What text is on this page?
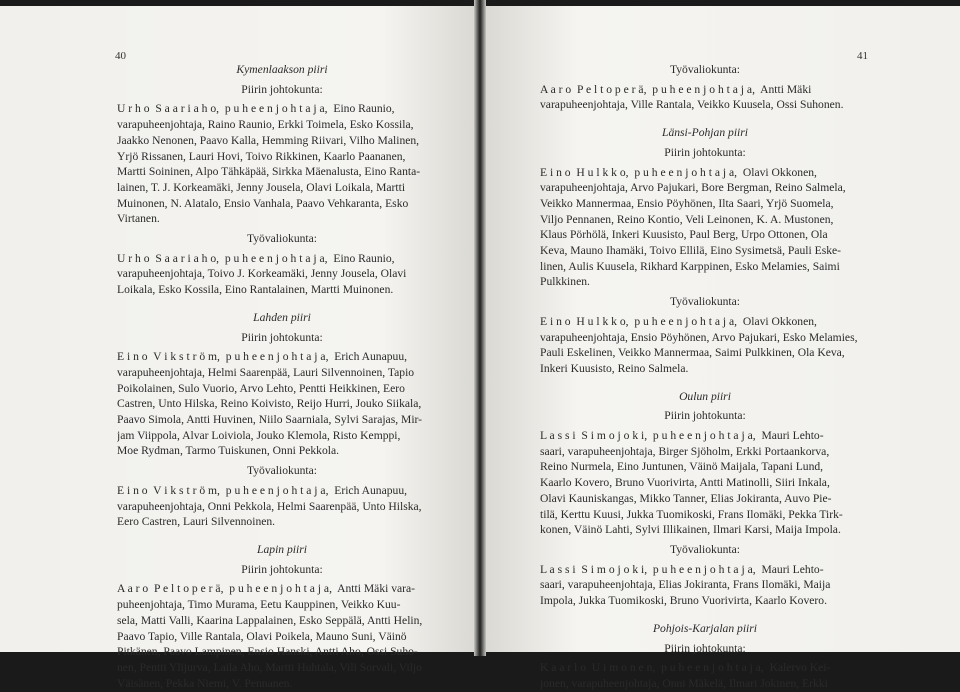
40

Kymenlaakson piiri

Piirin johtokunta:

U r h o  S a a r i a h o,  p u h e e n j o h t a j a,  Eino Raunio,
varapuheenjohtaja, Raino Raunio, Erkki Toimela, Esko Kossila,
Jaakko Nenonen, Paavo Kalla, Hemming Riivari, Vilho Malinen,
Yrjö Rissanen, Lauri Hovi, Toivo Rikkinen, Kaarlo Paananen,
Martti Soininen, Alpo Tähkäpää, Sirkka Mäenalusta, Eino Ranta-
lainen, T. J. Korkeamäki, Jenny Jousela, Olavi Loikala, Martti
Muinonen, N. Alatalo, Ensio Vanhala, Paavo Vehkaranta, Esko
Virtanen.

Työvaliokunta:

U r h o  S a a r i a h o,  p u h e e n j o h t a j a,  Eino Raunio,
varapuheenjohtaja, Toivo J. Korkeamäki, Jenny Jousela, Olavi
Loikala, Esko Kossila, Eino Rantalainen, Martti Muinonen.

Lahden piiri

Piirin johtokunta:

E i n o  V i k s t r ö m,  p u h e e n j o h t a j a,  Erich Aunapuu,
varapuheenjohtaja, Helmi Saarenpää, Lauri Silvennoinen, Tapio
Poikolainen, Sulo Vuorio, Arvo Lehto, Pentti Heikkinen, Eero
Castren, Unto Hilska, Reino Koivisto, Reijo Hurri, Jouko Siikala,
Paavo Simola, Antti Huvinen, Niilo Saarniala, Sylvi Sarajas, Mir-
jam Viippola, Alvar Loiviola, Jouko Klemola, Risto Kemppi,
Moe Rydman, Tarmo Tuiskunen, Onni Pekkola.

Työvaliokunta:

E i n o  V i k s t r ö m,  p u h e e n j o h t a j a,  Erich Aunapuu,
varapuheenjohtaja, Onni Pekkola, Helmi Saarenpää, Unto Hilska,
Eero Castren, Lauri Silvennoinen.

Lapin piiri

Piirin johtokunta:

A a r o  P e l t o p e r ä,  p u h e e n j o h t a j a,  Antti Mäki vara-
puheenjohtaja, Timo Murama, Eetu Kauppinen, Veikko Kuu-
sela, Matti Valli, Kaarina Lappalainen, Esko Seppälä, Antti Helin,
Paavo Tapio, Ville Rantala, Olavi Poikela, Mauno Suni, Väinö
Pitkänen, Paavo Lampinen, Ensio Hanski, Antti Aho, Ossi Suho-
nen, Pentti Ylijurva, Laila Aho, Martti Huhtala, Vili Sorvali, Viljo
Väisänen, Pekka Niemi, V. Pennanen.
41

Työvaliokunta:

A a r o  P e l t o p e r ä,  p u h e e n j o h t a j a,  Antti Mäki
varapuheenjohtaja, Ville Rantala, Veikko Kuusela, Ossi Suhonen.

Länsi-Pohjan piiri

Piirin johtokunta:

E i n o  H u l k k o,  p u h e e n j o h t a j a,  Olavi Okkonen,
varapuheenjohtaja, Arvo Pajukari, Bore Bergman, Reino Salmela,
Veikko Mannermaa, Ensio Pöyhönen, Ilta Saari, Yrjö Suomela,
Viljo Pennanen, Reino Kontio, Veli Leinonen, K. A. Mustonen,
Klaus Pörhölä, Inkeri Kuusisto, Paul Berg, Urpo Ottonen, Ola
Keva, Mauno Ihamäki, Toivo Ellilä, Eino Sysimetsä, Pauli Eske-
linen, Aulis Kuusela, Rikhard Karppinen, Esko Melamies, Saimi
Pulkkinen.

Työvaliokunta:

E i n o  H u l k k o,  p u h e e n j o h t a j a,  Olavi Okkonen,
varapuheenjohtaja, Ensio Pöyhönen, Arvo Pajukari, Esko Melamies,
Pauli Eskelinen, Veikko Mannermaa, Saimi Pulkkinen, Ola Keva,
Inkeri Kuusisto, Reino Salmela.

Oulun piiri

Piirin johtokunta:

L a s s i  S i m o j o k i,  p u h e e n j o h t a j a,  Mauri Lehto-
saari, varapuheenjohtaja, Birger Sjöholm, Erkki Portaankorva,
Reino Nurmela, Eino Juntunen, Väinö Maijala, Tapani Lund,
Kaarlo Kovero, Bruno Vuorivirta, Antti Matinolli, Siiri Inkala,
Olavi Kauniskangas, Mikko Tanner, Elias Jokiranta, Auvo Pie-
tilä, Kerttu Kuusi, Jukka Tuomikoski, Frans Ilomäki, Pekka Tirk-
konen, Väinö Lahti, Sylvi Illikainen, Ilmari Karsi, Maija Impola.

Työvaliokunta:

L a s s i  S i m o j o k i,  p u h e e n j o h t a j a,  Mauri Lehto-
saari, varapuheenjohtaja, Elias Jokiranta, Frans Ilomäki, Maija
Impola, Jukka Tuomikoski, Bruno Vuorivirta, Kaarlo Kovero.

Pohjois-Karjalan piiri

Piirin johtokunta:

K a a r l o  U i m o n e n,  p u h e e n j o h t a j a,  Kalervo Kei-
jonen, varapuheenjohtaja, Onni Mäkelä, Ilmari Jokinen, Erkki
